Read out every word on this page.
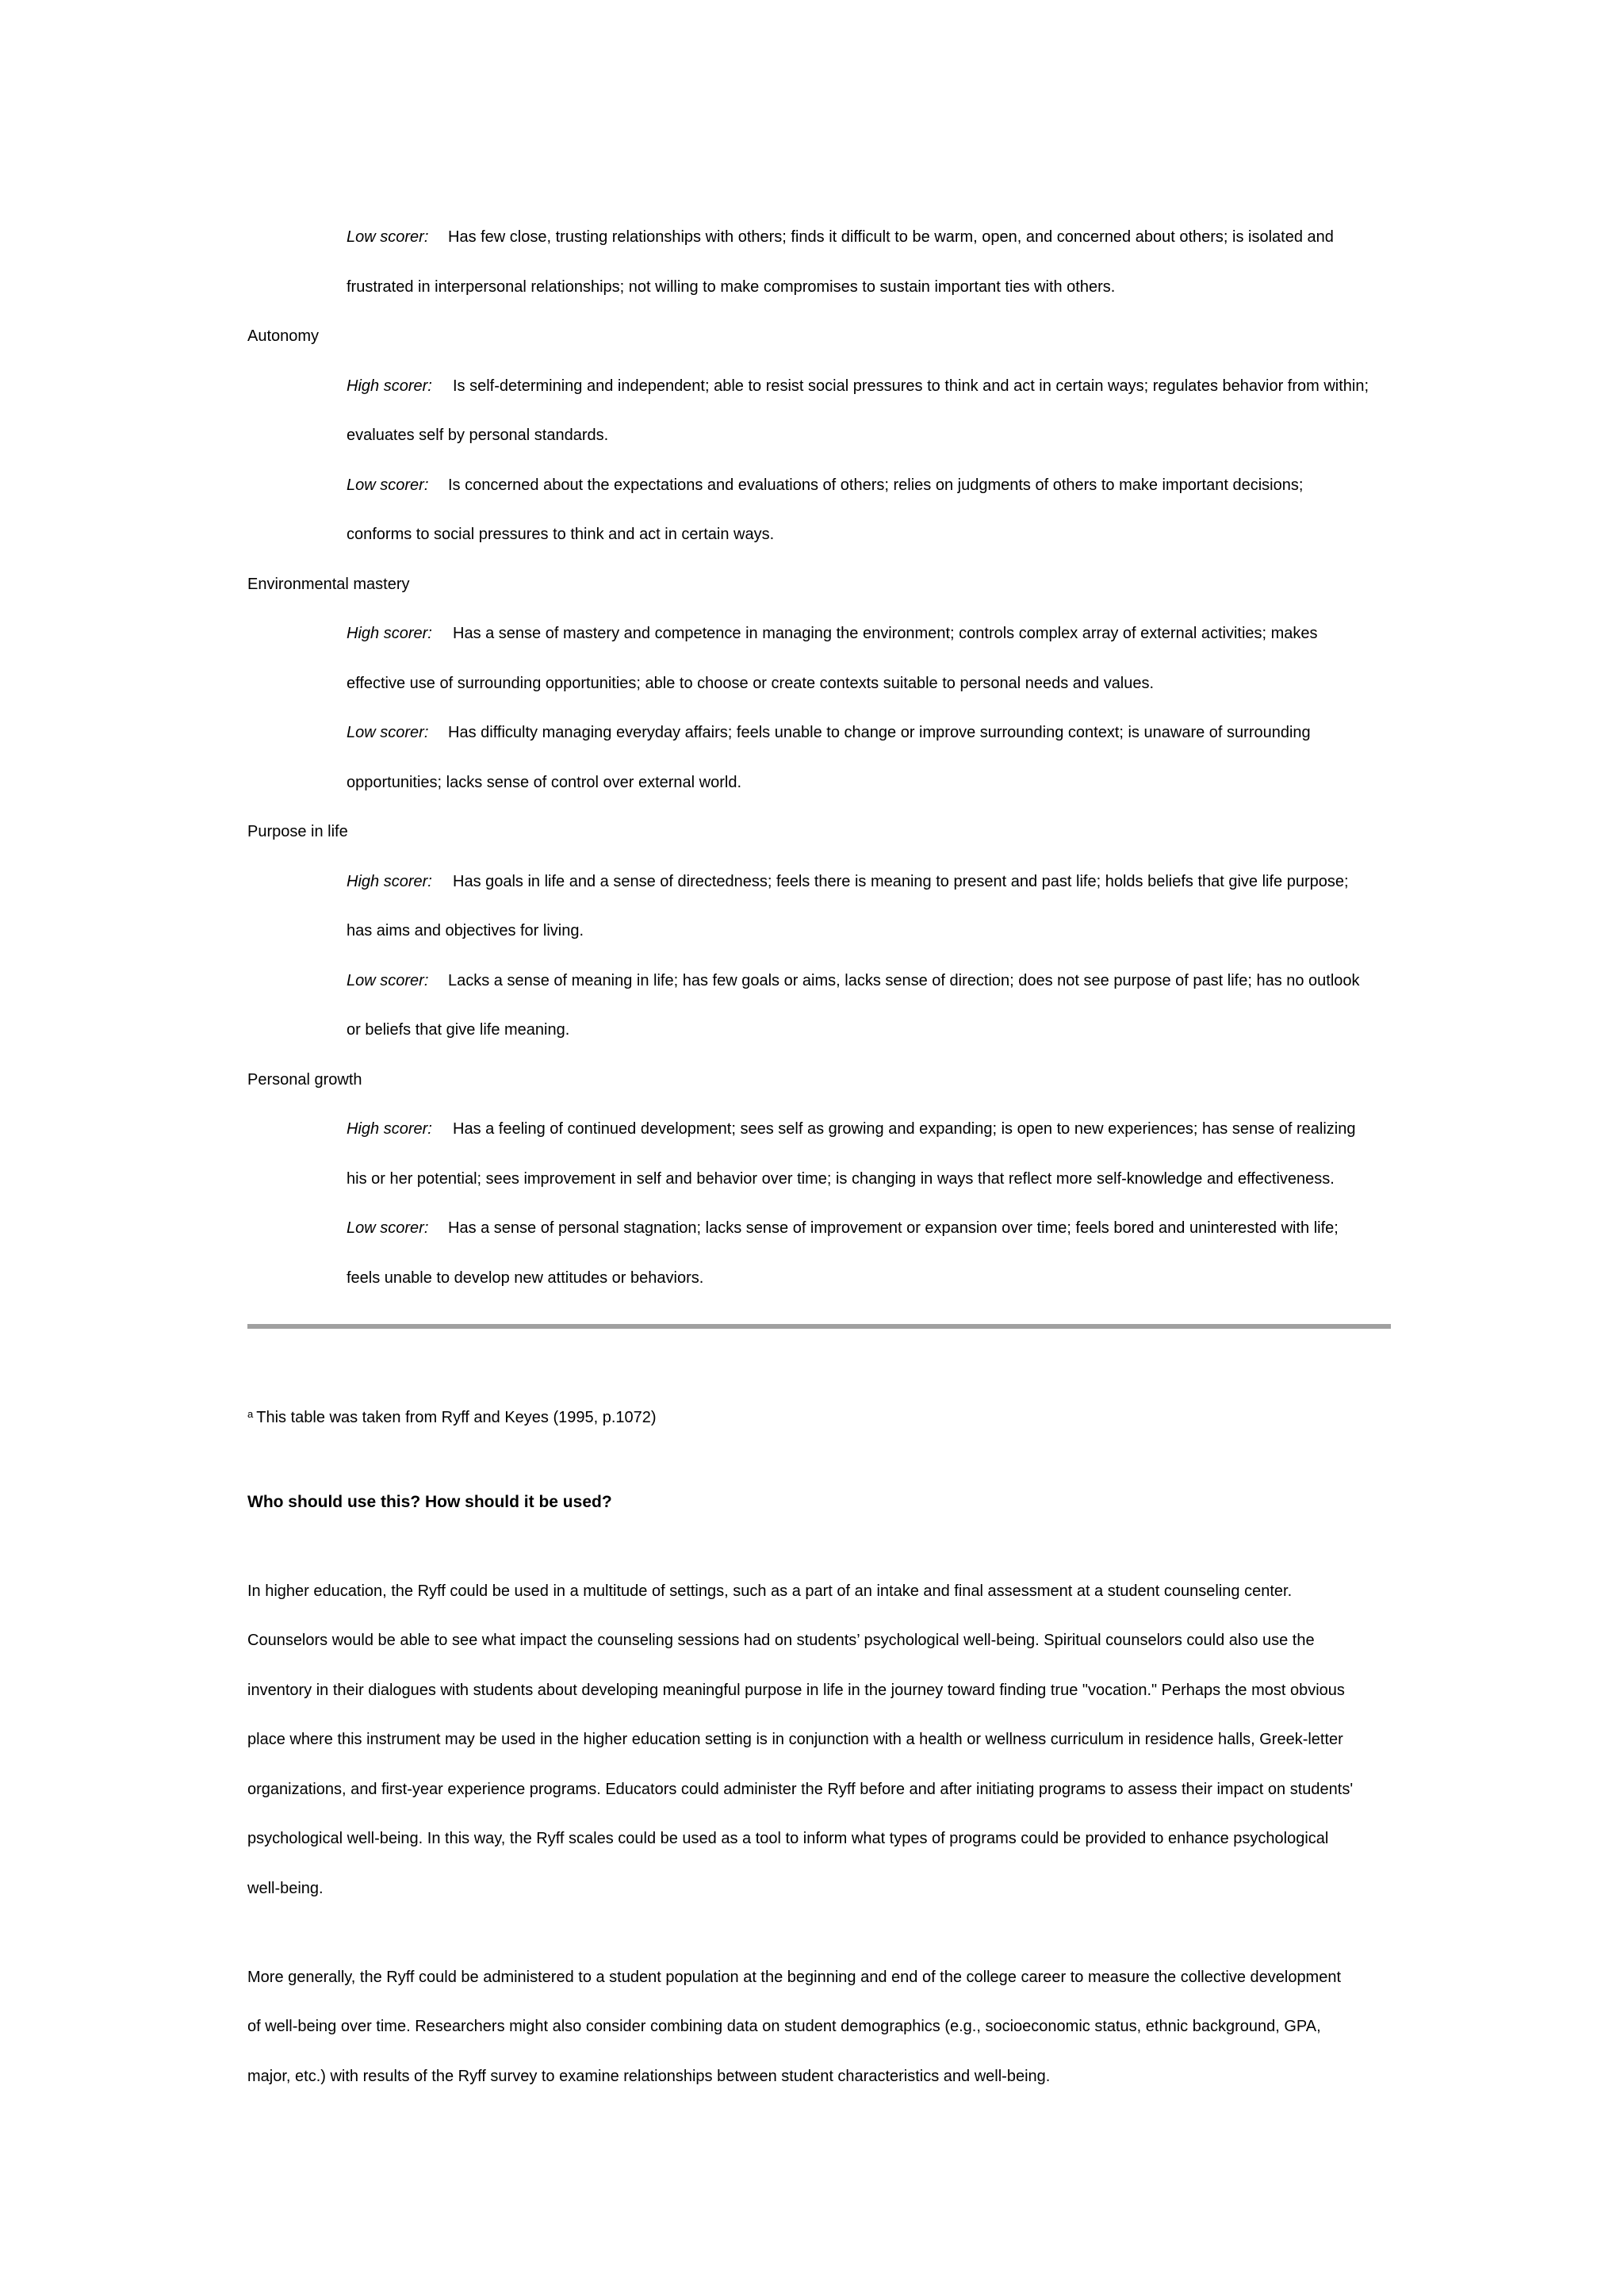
Low scorer: Has few close, trusting relationships with others; finds it difficult to be warm, open, and concerned about others; is isolated and
frustrated in interpersonal relationships; not willing to make compromises to sustain important ties with others.
Autonomy
High scorer: Is self-determining and independent; able to resist social pressures to think and act in certain ways; regulates behavior from within;
evaluates self by personal standards.
Low scorer: Is concerned about the expectations and evaluations of others; relies on judgments of others to make important decisions;
conforms to social pressures to think and act in certain ways.
Environmental mastery
High scorer: Has a sense of mastery and competence in managing the environment; controls complex array of external activities; makes
effective use of surrounding opportunities; able to choose or create contexts suitable to personal needs and values.
Low scorer: Has difficulty managing everyday affairs; feels unable to change or improve surrounding context; is unaware of surrounding
opportunities; lacks sense of control over external world.
Purpose in life
High scorer: Has goals in life and a sense of directedness; feels there is meaning to present and past life; holds beliefs that give life purpose;
has aims and objectives for living.
Low scorer: Lacks a sense of meaning in life; has few goals or aims, lacks sense of direction; does not see purpose of past life; has no outlook
or beliefs that give life meaning.
Personal growth
High scorer: Has a feeling of continued development; sees self as growing and expanding; is open to new experiences; has sense of realizing
his or her potential; sees improvement in self and behavior over time; is changing in ways that reflect more self-knowledge and effectiveness.
Low scorer: Has a sense of personal stagnation; lacks sense of improvement or expansion over time; feels bored and uninterested with life;
feels unable to develop new attitudes or behaviors.
$^a$ This table was taken from Ryff and Keyes (1995, p.1072)
Who should use this? How should it be used?
In higher education, the Ryff could be used in a multitude of settings, such as a part of an intake and final assessment at a student counseling center.
Counselors would be able to see what impact the counseling sessions had on students’ psychological well-being. Spiritual counselors could also use the
inventory in their dialogues with students about developing meaningful purpose in life in the journey toward finding true "vocation." Perhaps the most obvious
place where this instrument may be used in the higher education setting is in conjunction with a health or wellness curriculum in residence halls, Greek-letter
organizations, and first-year experience programs. Educators could administer the Ryff before and after initiating programs to assess their impact on students'
psychological well-being. In this way, the Ryff scales could be used as a tool to inform what types of programs could be provided to enhance psychological
well-being.
More generally, the Ryff could be administered to a student population at the beginning and end of the college career to measure the collective development
of well-being over time. Researchers might also consider combining data on student demographics (e.g., socioeconomic status, ethnic background, GPA,
major, etc.) with results of the Ryff survey to examine relationships between student characteristics and well-being.
